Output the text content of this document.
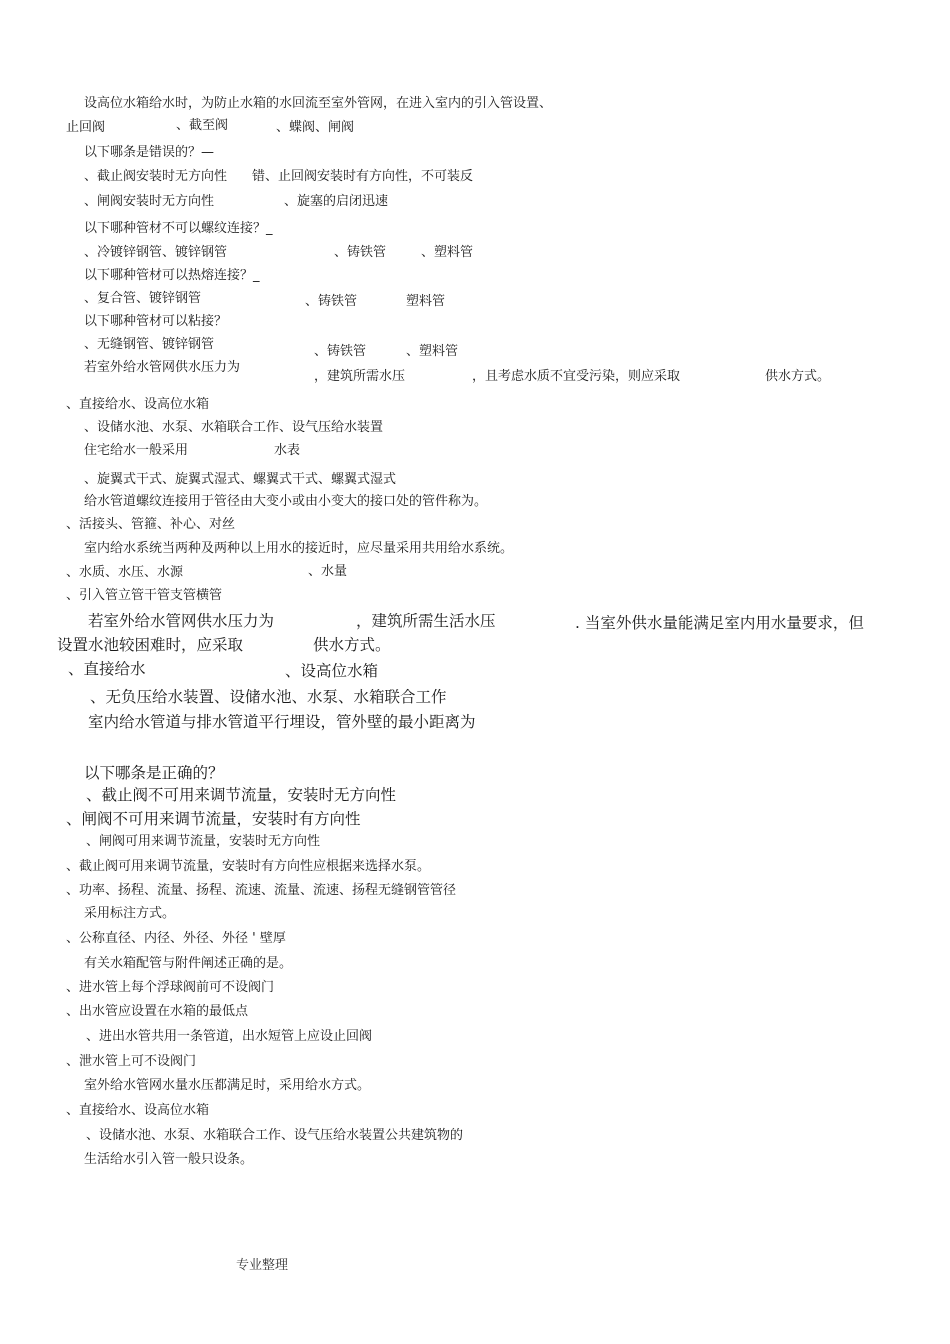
设高位水箱给水时，为防止水箱的水回流至室外管网，在进入室内的引入管设置、
止回阀	、截至阀	、蝶阀、闸阀
以下哪条是错误的？—
、截止阀安装时无方向性 错、止回阀安装时有方向性，不可装反
、闸阀安装时无方向性	、旋塞的启闭迅速
以下哪种管材不可以螺纹连接？_
、冷镀锌钢管、镀锌钢管	、铸铁管	、塑料管
以下哪种管材可以热熔连接？_
、复合管、镀锌钢管	、铸铁管	塑料管
以下哪种管材可以粘接？
、无缝钢管、镀锌钢管	、铸铁管	、塑料管
若室外给水管网供水压力为
，建筑所需水压	，且考虑水质不宜受污染，则应采取	供水方式。
、直接给水、设高位水箱
、设储水池、水泵、水箱联合工作、设气压给水装置
住宅给水一般采用	水表
、旋翼式干式、旋翼式湿式、螺翼式干式、螺翼式湿式
给水管道螺纹连接用于管径由大变小或由小变大的接口处的管件称为。
、活接头、管箍、补心、对丝
室内给水系统当两种及两种以上用水的接近时，应尽量采用共用给水系统。
、水质、水压、水源	、水量
、引入管立管干管支管横管
若室外给水管网供水压力为	，建筑所需生活水压	. 当室外供水量能满足室内用水量要求，但
设置水池较困难时，应采取	供水方式。
、直接给水	、设高位水箱
、无负压给水装置、设储水池、水泵、水箱联合工作
室内给水管道与排水管道平行埋设，管外壁的最小距离为
以下哪条是正确的？
、截止阀不可用来调节流量，安装时无方向性
、闸阀不可用来调节流量，安装时有方向性
、闸阀可用来调节流量，安装时无方向性
、截止阀可用来调节流量，安装时有方向性应根据来选择水泵。
、功率、扬程、流量、扬程、流速、流量、流速、扬程无缝钢管管径
采用标注方式。
、公称直径、内径、外径、外径 ' 壁厚
有关水箱配管与附件阐述正确的是。
、进水管上每个浮球阀前可不设阀门
、出水管应设置在水箱的最低点
、进出水管共用一条管道，出水短管上应设止回阀
、泄水管上可不设阀门
室外给水管网水量水压都满足时，采用给水方式。
、直接给水、设高位水箱
、设储水池、水泵、水箱联合工作、设气压给水装置公共建筑物的
生活给水引入管一般只设条。
专业整理
